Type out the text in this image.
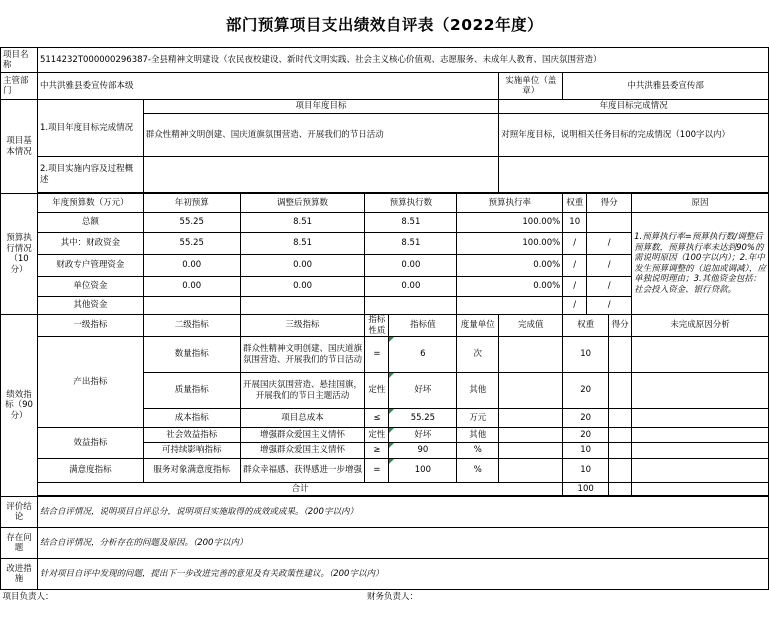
部门预算项目支出绩效自评表（2022年度）
项目名称	5114232T000000296387-全县精神文明建设（农民夜校建设、新时代文明实践、社会主义核心价值观、志愿服务、未成年人教育、国庆氛围营造）										
主管部门	中共洪雅县委宣传部本级						实施单位（盖章）	中共洪雅县委宣传部			
项目基本情况	1.项目年度目标完成情况	项目年度目标					年度目标完成情况				
		群众性精神文明创建、国庆道旗氛围营造、开展我们的节日活动					对照年度目标，说明相关任务目标的完成情况（100字以内）				
	2.项目实施内容及过程概述										

预算执行情况（10分）	年度预算数（万元）	年初预算	调整后预算数	预算执行数		预算执行率		权重	得分		原因
	总额	55.25	8.51	8.51		100.00%		10			1.预算执行率=预算执行数/调整后预算数，预算执行率未达到90%的需说明原因（100字以内）；2.年中发生预算调整的（追加或调减），应单独说明理由；3.其他资金包括：社会投入资金、银行贷款。
	其中：财政资金	55.25	8.51	8.51		100.00%		/	/		
	财政专户管理资金	0.00	0.00	0.00		0.00%		/	/		
	单位资金	0.00	0.00	0.00		0.00%		/	/		
	其他资金							/	/		
绩效指标（90分）	一级指标	二级指标	三级指标	指标性质	指标值	度量单位	完成值	权重		得分	未完成原因分析
	产出指标	数量指标	群众性精神文明创建、国庆道旗氛围营造、开展我们的节日活动	=	6	次		10			
		质量指标	开展国庆氛围营造、悬挂国旗，开展我们的节日主题活动	定性	好坏	其他		20			
		成本指标	项目总成本	≤	55.25	万元		20			
	效益指标	社会效益指标	增强群众爱国主义情怀	定性	好坏	其他		20			
		可持续影响指标	增强群众爱国主义情怀	≥	90	%		10			
	满意度指标	服务对象满意度指标	群众幸福感、获得感进一步增强	=	100	%		10			
	合计							100			

评价结论	结合自评情况，说明项目自评总分，说明项目实施取得的成效或成果。（200字以内）										
存在问题	结合自评情况，分析存在的问题及原因。（200字以内）										
改进措施	针对项目自评中发现的问题，提出下一步改进完善的意见及有关政策性建议。（200字以内）										
项目负责人：				财务负责人：							
